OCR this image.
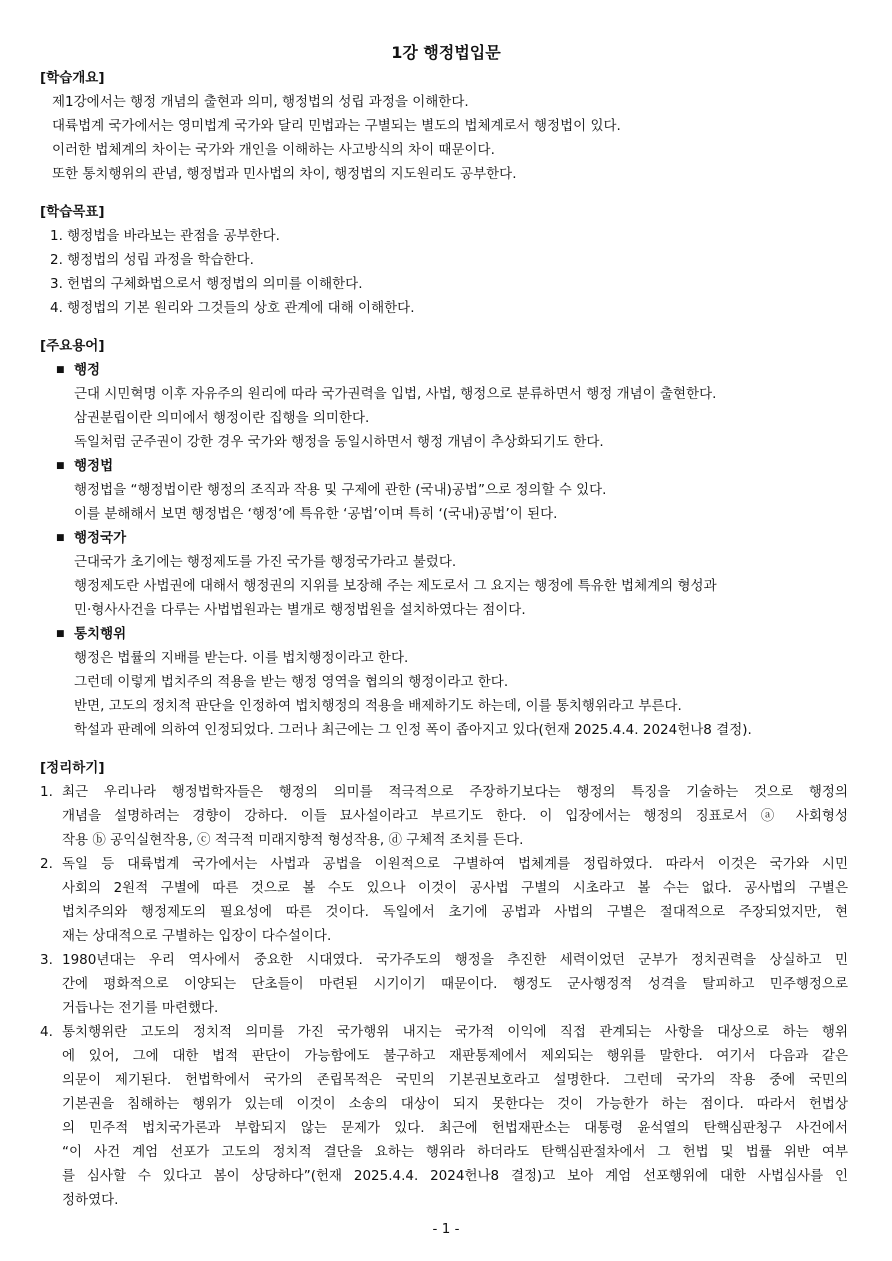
1강 행정법입문
[학습개요]
제1강에서는 행정 개념의 출현과 의미, 행정법의 성립 과정을 이해한다.
대륙법계 국가에서는 영미법계 국가와 달리 민법과는 구별되는 별도의 법체계로서 행정법이 있다.
이러한 법체계의 차이는 국가와 개인을 이해하는 사고방식의 차이 때문이다.
또한 통치행위의 관념, 행정법과 민사법의 차이, 행정법의 지도원리도 공부한다.
[학습목표]
1. 행정법을 바라보는 관점을 공부한다.
2. 행정법의 성립 과정을 학습한다.
3. 헌법의 구체화법으로서 행정법의 의미를 이해한다.
4. 행정법의 기본 원리와 그것들의 상호 관계에 대해 이해한다.
[주요용어]
■ 행정
근대 시민혁명 이후 자유주의 원리에 따라 국가권력을 입법, 사법, 행정으로 분류하면서 행정 개념이 출현한다.
삼권분립이란 의미에서 행정이란 집행을 의미한다.
독일처럼 군주권이 강한 경우 국가와 행정을 동일시하면서 행정 개념이 추상화되기도 한다.
■ 행정법
행정법을 “행정법이란 행정의 조직과 작용 및 구제에 관한 (국내)공법”으로 정의할 수 있다.
이를 분해해서 보면 행정법은 ‘행정’에 특유한 ‘공법’이며 특히 ‘(국내)공법’이 된다.
■ 행정국가
근대국가 초기에는 행정제도를 가진 국가를 행정국가라고 불렀다.
행정제도란 사법권에 대해서 행정권의 지위를 보장해 주는 제도로서 그 요지는 행정에 특유한 법체계의 형성과
민·형사사건을 다루는 사법법원과는 별개로 행정법원을 설치하였다는 점이다.
■ 통치행위
행정은 법률의 지배를 받는다. 이를 법치행정이라고 한다.
그런데 이렇게 법치주의 적용을 받는 행정 영역을 협의의 행정이라고 한다.
반면, 고도의 정치적 판단을 인정하여 법치행정의 적용을 배제하기도 하는데, 이를 통치행위라고 부른다.
학설과 판례에 의하여 인정되었다. 그러나 최근에는 그 인정 폭이 좁아지고 있다(헌재 2025.4.4. 2024헌나8 결정).
[정리하기]
1. 최근 우리나라 행정법학자들은 행정의 의미를 적극적으로 주장하기보다는 행정의 특징을 기술하는 것으로 행정의
개념을 설명하려는 경향이 강하다. 이들 묘사설이라고 부르기도 한다. 이 입장에서는 행정의 징표로서 ⓐ 사회형성
작용 ⓑ 공익실현작용, ⓒ 적극적 미래지향적 형성작용, ⓓ 구체적 조치를 든다.
2. 독일 등 대륙법계 국가에서는 사법과 공법을 이원적으로 구별하여 법체계를 정립하였다. 따라서 이것은 국가와 시민
사회의 2원적 구별에 따른 것으로 볼 수도 있으나 이것이 공사법 구별의 시초라고 볼 수는 없다. 공사법의 구별은
법치주의와 행정제도의 필요성에 따른 것이다. 독일에서 초기에 공법과 사법의 구별은 절대적으로 주장되었지만, 현
재는 상대적으로 구별하는 입장이 다수설이다.
3. 1980년대는 우리 역사에서 중요한 시대였다. 국가주도의 행정을 추진한 세력이었던 군부가 정치권력을 상실하고 민
간에 평화적으로 이양되는 단초들이 마련된 시기이기 때문이다. 행정도 군사행정적 성격을 탈피하고 민주행정으로
거듭나는 전기를 마련했다.
4. 통치행위란 고도의 정치적 의미를 가진 국가행위 내지는 국가적 이익에 직접 관계되는 사항을 대상으로 하는 행위
에 있어, 그에 대한 법적 판단이 가능함에도 불구하고 재판통제에서 제외되는 행위를 말한다. 여기서 다음과 같은
의문이 제기된다. 헌법학에서 국가의 존립목적은 국민의 기본권보호라고 설명한다. 그런데 국가의 작용 중에 국민의
기본권을 침해하는 행위가 있는데 이것이 소송의 대상이 되지 못한다는 것이 가능한가 하는 점이다. 따라서 헌법상
의 민주적 법치국가론과 부합되지 않는 문제가 있다. 최근에 헌법재판소는 대통령 윤석열의 탄핵심판청구 사건에서
“이 사건 계엄 선포가 고도의 정치적 결단을 요하는 행위라 하더라도 탄핵심판절차에서 그 헌법 및 법률 위반 여부
를 심사할 수 있다고 봄이 상당하다”(헌재 2025.4.4. 2024헌나8 결정)고 보아 계엄 선포행위에 대한 사법심사를 인
정하였다.
- 1 -
